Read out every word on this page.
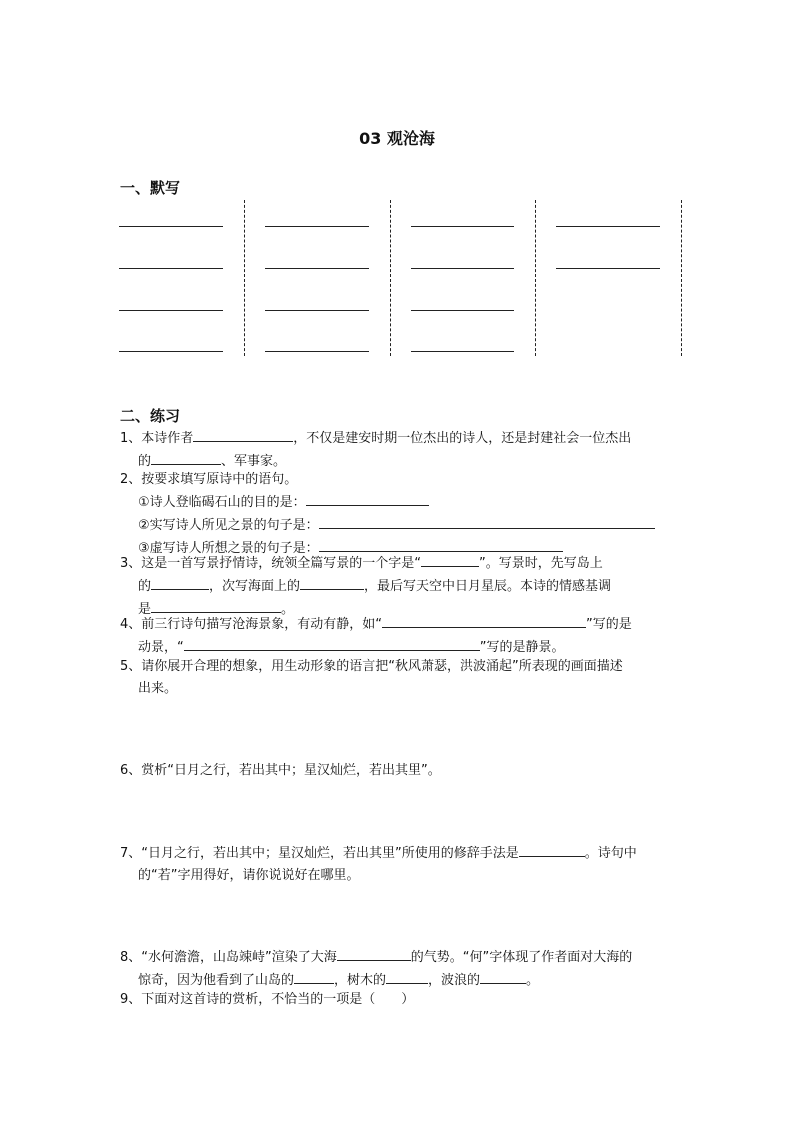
03 观沧海
一、默写
二、练习
1、本诗作者	，不仅是建安时期一位杰出的诗人，还是封建社会一位杰出
的	、军事家。
2、按要求填写原诗中的语句。
①诗人登临碣石山的目的是：
②实写诗人所见之景的句子是：
③虚写诗人所想之景的句子是：
3、这是一首写景抒情诗，统领全篇写景的一个字是“	”。写景时，先写岛上
的	，次写海面上的	，最后写天空中日月星辰。本诗的情感基调
是	。
4、前三行诗句描写沧海景象，有动有静，如“	”写的是
动景，“	”写的是静景。
5、请你展开合理的想象，用生动形象的语言把“秋风萧瑟，洪波涌起”所表现的画面描述
出来。
6、赏析“日月之行，若出其中；星汉灿烂，若出其里”。
7、“日月之行，若出其中；星汉灿烂，若出其里”所使用的修辞手法是	。诗句中
的“若”字用得好，请你说说好在哪里。
8、“水何澹澹，山岛竦峙”渲染了大海	的气势。“何”字体现了作者面对大海的
惊奇，因为他看到了山岛的	，树木的	，波浪的	。
9、下面对这首诗的赏析，不恰当的一项是（　　）
